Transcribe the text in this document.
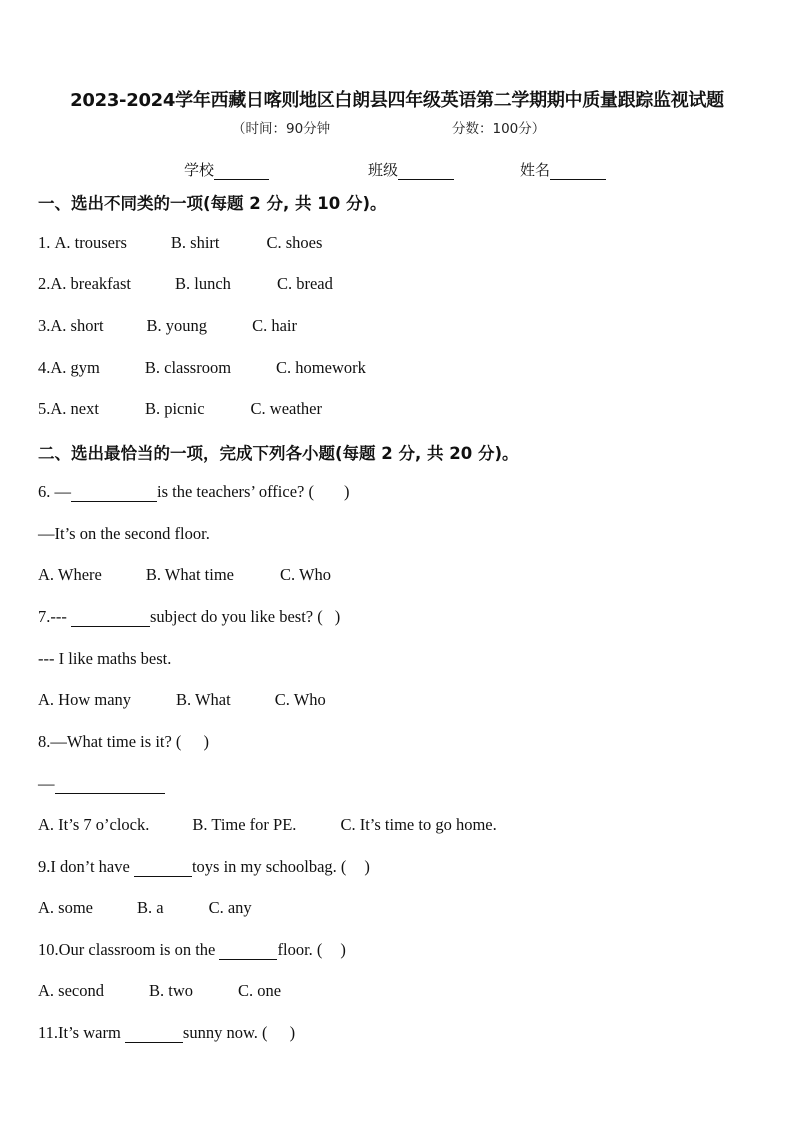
2023-2024学年西藏日喀则地区白朗县四年级英语第二学期期中质量跟踪监视试题
（时间：90分钟	分数：100分）
学校	班级	姓名
一、选出不同类的一项(每题 2 分, 共 10 分)。
1. A. trousers	B. shirt	C. shoes
2.A. breakfast	B. lunch	C. bread
3.A. short	B. young	C. hair
4.A. gym	B. classroom	C. homework
5.A. next	B. picnic	C. weather
二、选出最恰当的一项，完成下列各小题(每题 2 分, 共 20 分)。
6. —	is the teachers’ office? ( )
—It’s on the second floor.
A. Where	B. What time	C. Who
7.---	subject do you like best? ( )
--- I like maths best.
A. How many	B. What	C. Who
8.—What time is it? ( )
—
A. It’s 7 o’clock.	B. Time for PE.	C. It’s time to go home.
9.I don’t have	toys in my schoolbag. ( )
A. some	B. a	C. any
10.Our classroom is on the	floor. ( )
A. second	B. two	C. one
11.It’s warm	sunny now. ( )
